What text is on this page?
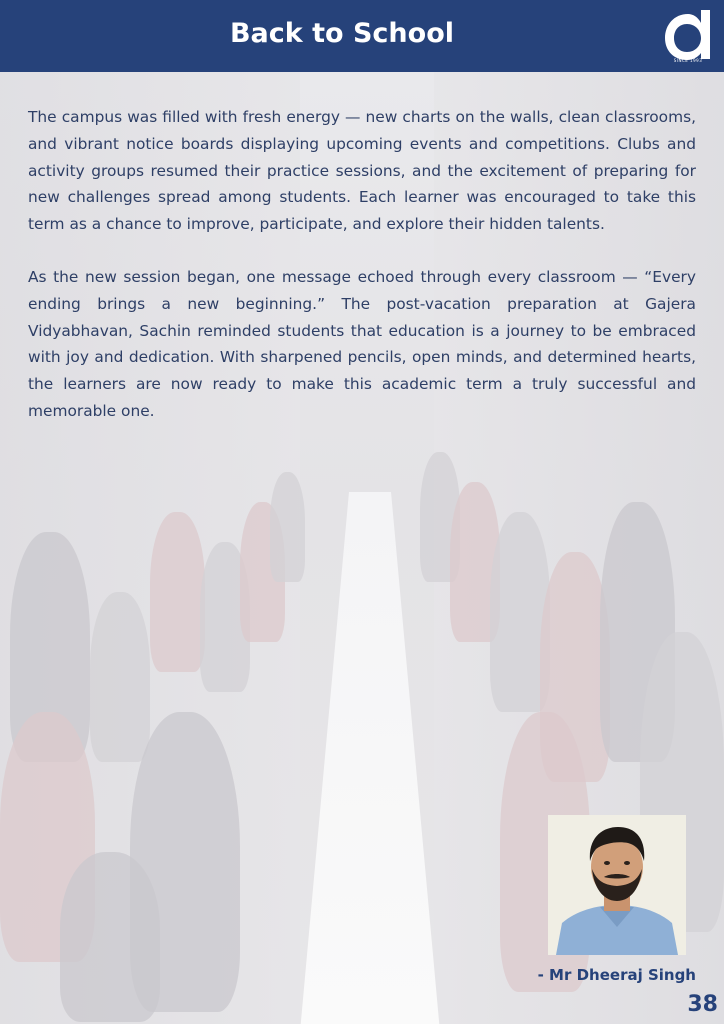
Back to School
SINCE 1993

The campus was filled with fresh energy — new charts on the walls, clean classrooms, and vibrant notice boards displaying upcoming events and competitions. Clubs and activity groups resumed their practice sessions, and the excitement of preparing for new challenges spread among students. Each learner was encouraged to take this term as a chance to improve, participate, and explore their hidden talents.

As the new session began, one message echoed through every classroom — “Every ending brings a new beginning.” The post-vacation preparation at Gajera Vidyabhavan, Sachin reminded students that education is a journey to be embraced with joy and dedication. With sharpened pencils, open minds, and determined hearts, the learners are now ready to make this academic term a truly successful and memorable one.

- Mr Dheeraj Singh
38
